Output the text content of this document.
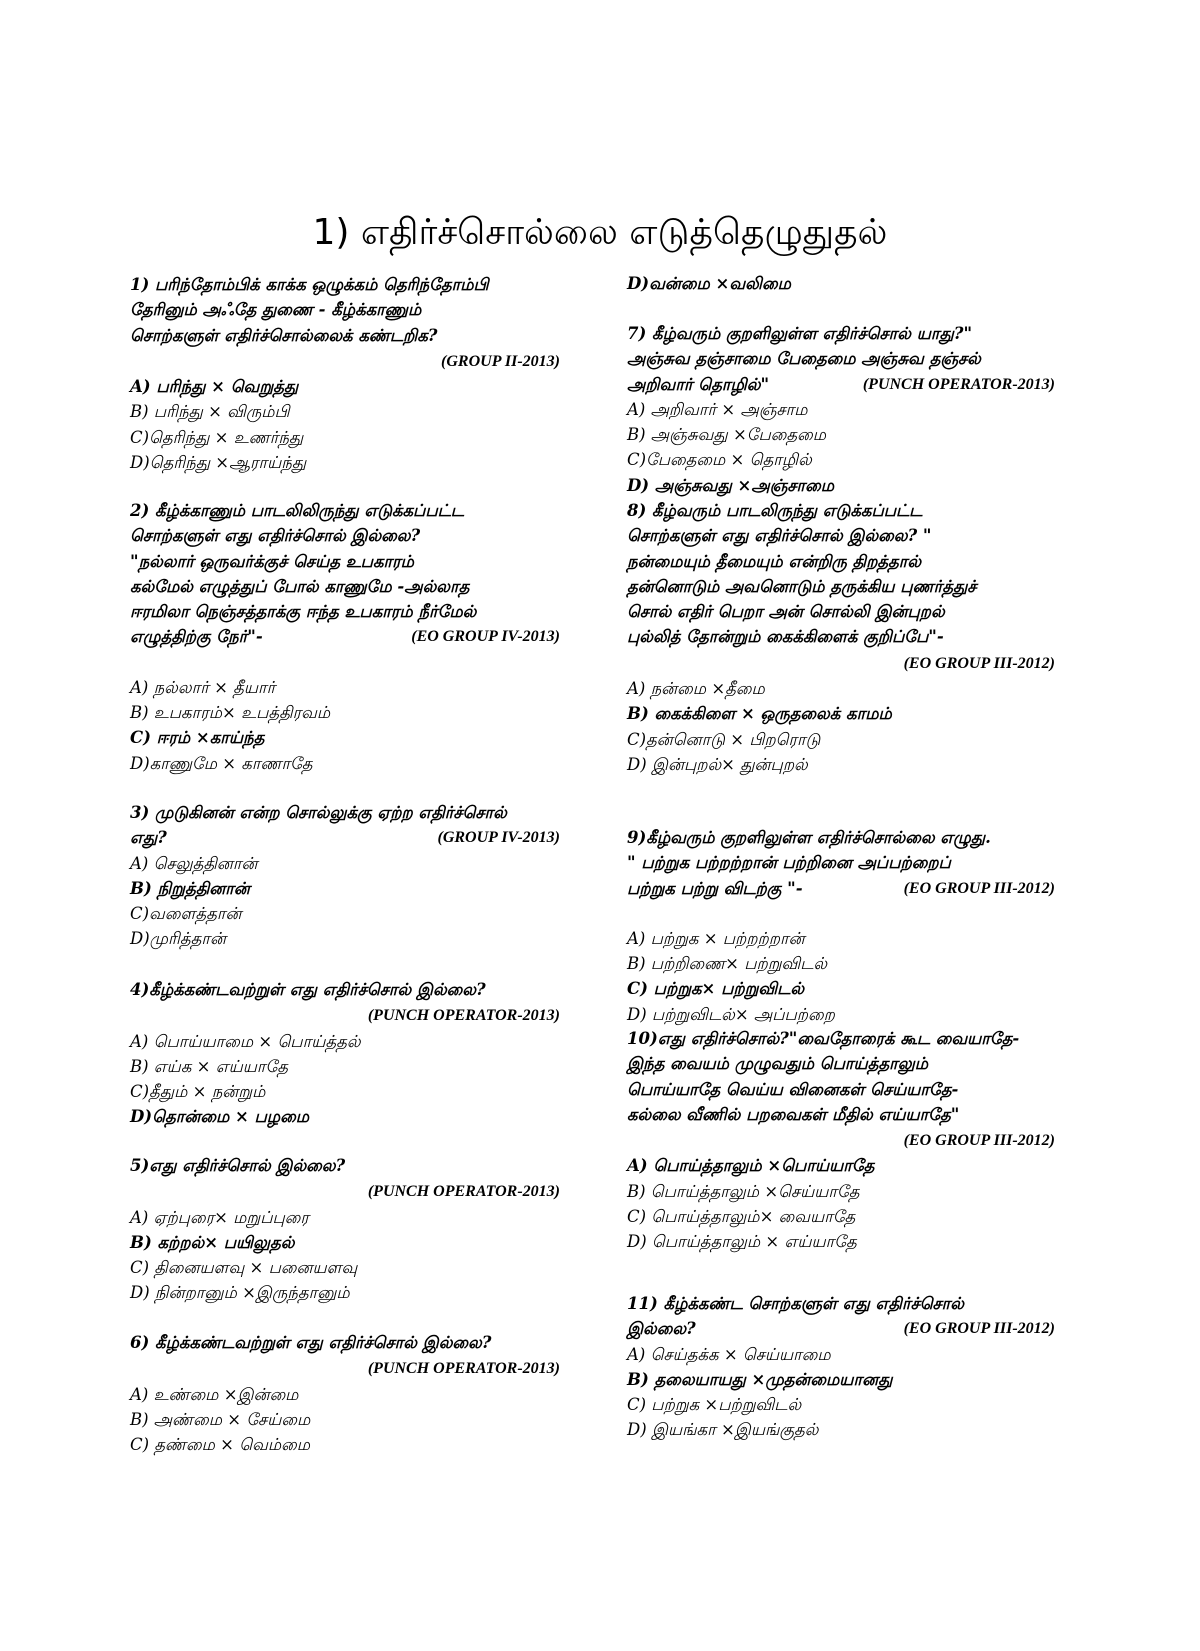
1) எதிர்ச்சொல்லை எடுத்தெழுதுதல்
1) பரிந்தோம்பிக் காக்க ஒழுக்கம் தெரிந்தோம்பி
தேரினும் அஃதே துணை - கீழ்க்காணும்
சொற்களுள் எதிர்ச்சொல்லைக் கண்டறிக?
(GROUP II-2013)
A) பரிந்து × வெறுத்து
B) பரிந்து × விரும்பி
C)தெரிந்து × உணர்ந்து
D)தெரிந்து ×ஆராய்ந்து
2) கீழ்க்காணும் பாடலிலிருந்து எடுக்கப்பட்ட
சொற்களுள் எது எதிர்ச்சொல் இல்லை?
"நல்லார் ஒருவர்க்குச் செய்த உபகாரம்
கல்மேல் எழுத்துப் போல் காணுமே -அல்லாத
ஈரமிலா நெஞ்சத்தாக்கு ஈந்த உபகாரம் நீர்மேல்
எழுத்திற்கு நேர்"-	(EO GROUP IV-2013)
A) நல்லார் × தீயார்
B) உபகாரம்× உபத்திரவம்
C) ஈரம் ×காய்ந்த
D)காணுமே × காணாதே
3) முடுகினன் என்ற சொல்லுக்கு ஏற்ற எதிர்ச்சொல்
எது?	(GROUP IV-2013)
A) செலுத்தினான்
B) நிறுத்தினான்
C)வளைத்தான்
D)முரித்தான்
4)கீழ்க்கண்டவற்றுள் எது எதிர்ச்சொல் இல்லை?
(PUNCH OPERATOR-2013)
A) பொய்யாமை × பொய்த்தல்
B) எய்க × எய்யாதே
C)தீதும் × நன்றும்
D)தொன்மை × பழமை
5)எது எதிர்ச்சொல் இல்லை?
(PUNCH OPERATOR-2013)
A) ஏற்புரை× மறுப்புரை
B) கற்றல்× பயிலுதல்
C) தினையளவு × பனையளவு
D) நின்றானும் ×இருந்தானும்
6) கீழ்க்கண்டவற்றுள் எது எதிர்ச்சொல் இல்லை?
(PUNCH OPERATOR-2013)
A) உண்மை ×இன்மை
B) அண்மை × சேய்மை
C) தண்மை × வெம்மை
D)வன்மை ×வலிமை
7) கீழ்வரும் குறளிலுள்ள எதிர்ச்சொல் யாது?"
அஞ்சுவ தஞ்சாமை பேதைமை அஞ்சுவ தஞ்சல்
அறிவார் தொழில்"	(PUNCH OPERATOR-2013)
A) அறிவார் × அஞ்சாம
B) அஞ்சுவது ×பேதைமை
C)பேதைமை × தொழில்
D) அஞ்சுவது ×அஞ்சாமை
8) கீழ்வரும் பாடலிருந்து எடுக்கப்பட்ட
சொற்களுள் எது எதிர்ச்சொல் இல்லை? "
நன்மையும் தீமையும் என்றிரு திறத்தால்
தன்னொடும் அவனொடும் தருக்கிய புணர்த்துச்
சொல் எதிர் பெறா அன் சொல்லி இன்புறல்
புல்லித் தோன்றும் கைக்கிளைக் குறிப்பே"-
(EO GROUP III-2012)
A) நன்மை ×தீமை
B) கைக்கிளை × ஒருதலைக் காமம்
C)தன்னொடு × பிறரொடு
D) இன்புறல்× துன்புறல்
9)கீழ்வரும் குறளிலுள்ள எதிர்ச்சொல்லை எழுது.
" பற்றுக பற்றற்றான் பற்றினை அப்பற்றைப்
பற்றுக பற்று விடற்கு "-	(EO GROUP III-2012)
A) பற்றுக × பற்றற்றான்
B) பற்றிணை× பற்றுவிடல்
C) பற்றுக× பற்றுவிடல்
D) பற்றுவிடல்× அப்பற்றை
10)எது எதிர்ச்சொல்?"வைதோரைக் கூட வையாதே-
இந்த வையம் முழுவதும் பொய்த்தாலும்
பொய்யாதே வெய்ய வினைகள் செய்யாதே-
கல்லை வீணில் பறவைகள் மீதில் எய்யாதே"
(EO GROUP III-2012)
A) பொய்த்தாலும் ×பொய்யாதே
B) பொய்த்தாலும் ×செய்யாதே
C) பொய்த்தாலும்× வையாதே
D) பொய்த்தாலும் × எய்யாதே
11) கீழ்க்கண்ட சொற்களுள் எது எதிர்ச்சொல்
இல்லை?	(EO GROUP III-2012)
A) செய்தக்க × செய்யாமை
B) தலையாயது ×முதன்மையானது
C) பற்றுக ×பற்றுவிடல்
D) இயங்கா ×இயங்குதல்
